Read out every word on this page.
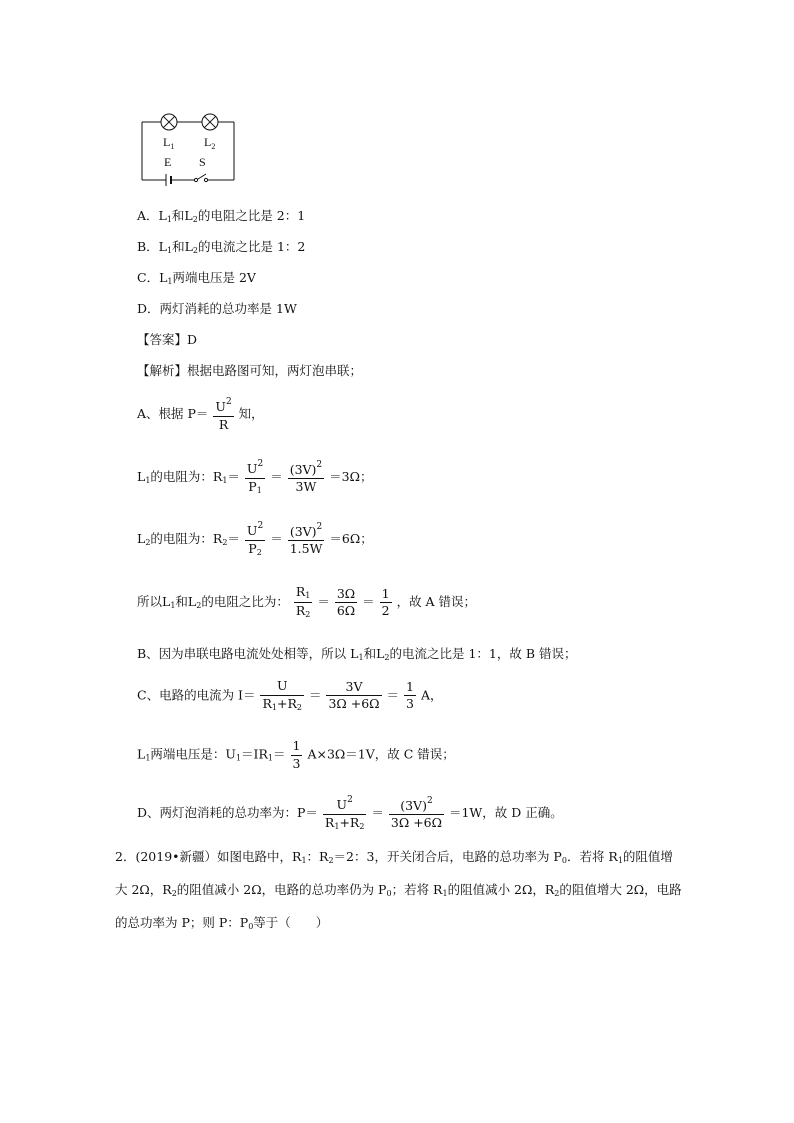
$L_1$ $L_2$
E S
A．$L_1$和$L_2$的电阻之比是 2：1
B．$L_1$和$L_2$的电流之比是 1：2
C．$L_1$两端电压是 2V
D．两灯消耗的总功率是 1W
【答案】D
【解析】根据电路图可知，两灯泡串联；
A、根据 $P= \frac{U^2}{R}$ 知，
$L_1$的电阻为：$R_1= \frac{U^2}{P_1} = \frac{(3V)^2}{3W} =3\Omega$；
$L_2$的电阻为：$R_2= \frac{U^2}{P_2} = \frac{(3V)^2}{1.5W} =6\Omega$；
所以$L_1$和$L_2$的电阻之比为： $\frac{R_1}{R_2} = \frac{3\Omega}{6\Omega} = \frac{1}{2}$ ，故 A 错误；
B、因为串联电路电流处处相等，所以 $L_1$和$L_2$的电流之比是 1：1，故 B 错误；
C、电路的电流为 $I= \frac{U}{R_1+R_2} = \frac{3V}{3\Omega +6\Omega} = \frac{1}{3}$ A，
$L_1$两端电压是：$U_1=IR_1= \frac{1}{3} A\times 3\Omega=1V$，故 C 错误；
D、两灯泡消耗的总功率为：$P= \frac{U^2}{R_1+R_2} = \frac{(3V)^2}{3\Omega +6\Omega} =1W$，故 D 正确。
2．(2019•新疆）如图电路中，$R_1$：$R_2=2$：3，开关闭合后，电路的总功率为 $P_0$．若将 $R_1$的阻值增大 2Ω，$R_2$的阻值减小 2Ω，电路的总功率仍为 $P_0$；若将 $R_1$的阻值减小 2Ω，$R_2$的阻值增大 2Ω，电路的总功率为 P；则 P：$P_0$等于（　　）
